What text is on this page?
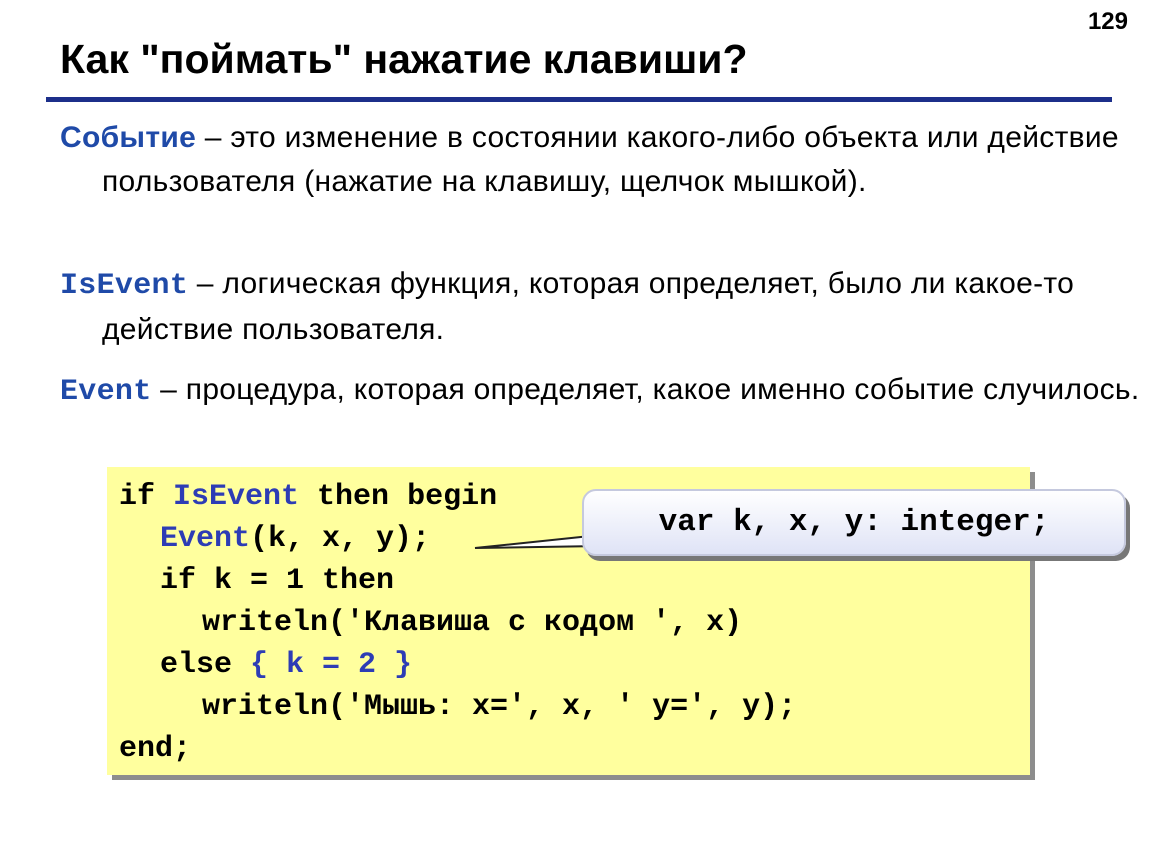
129
Как "поймать" нажатие клавиши?
Событие – это изменение в состоянии какого-либо объекта или действие пользователя (нажатие на клавишу, щелчок мышкой).
IsEvent – логическая функция, которая определяет, было ли какое-то действие пользователя.
Event – процедура, которая определяет, какое именно событие случилось.
if IsEvent then begin
Event(k, x, y);
if k = 1 then
writeln('Клавиша с кодом ', x)
else { k = 2 }
writeln('Мышь: x=', x, ' y=', y);
end;
var k, x, y: integer;
